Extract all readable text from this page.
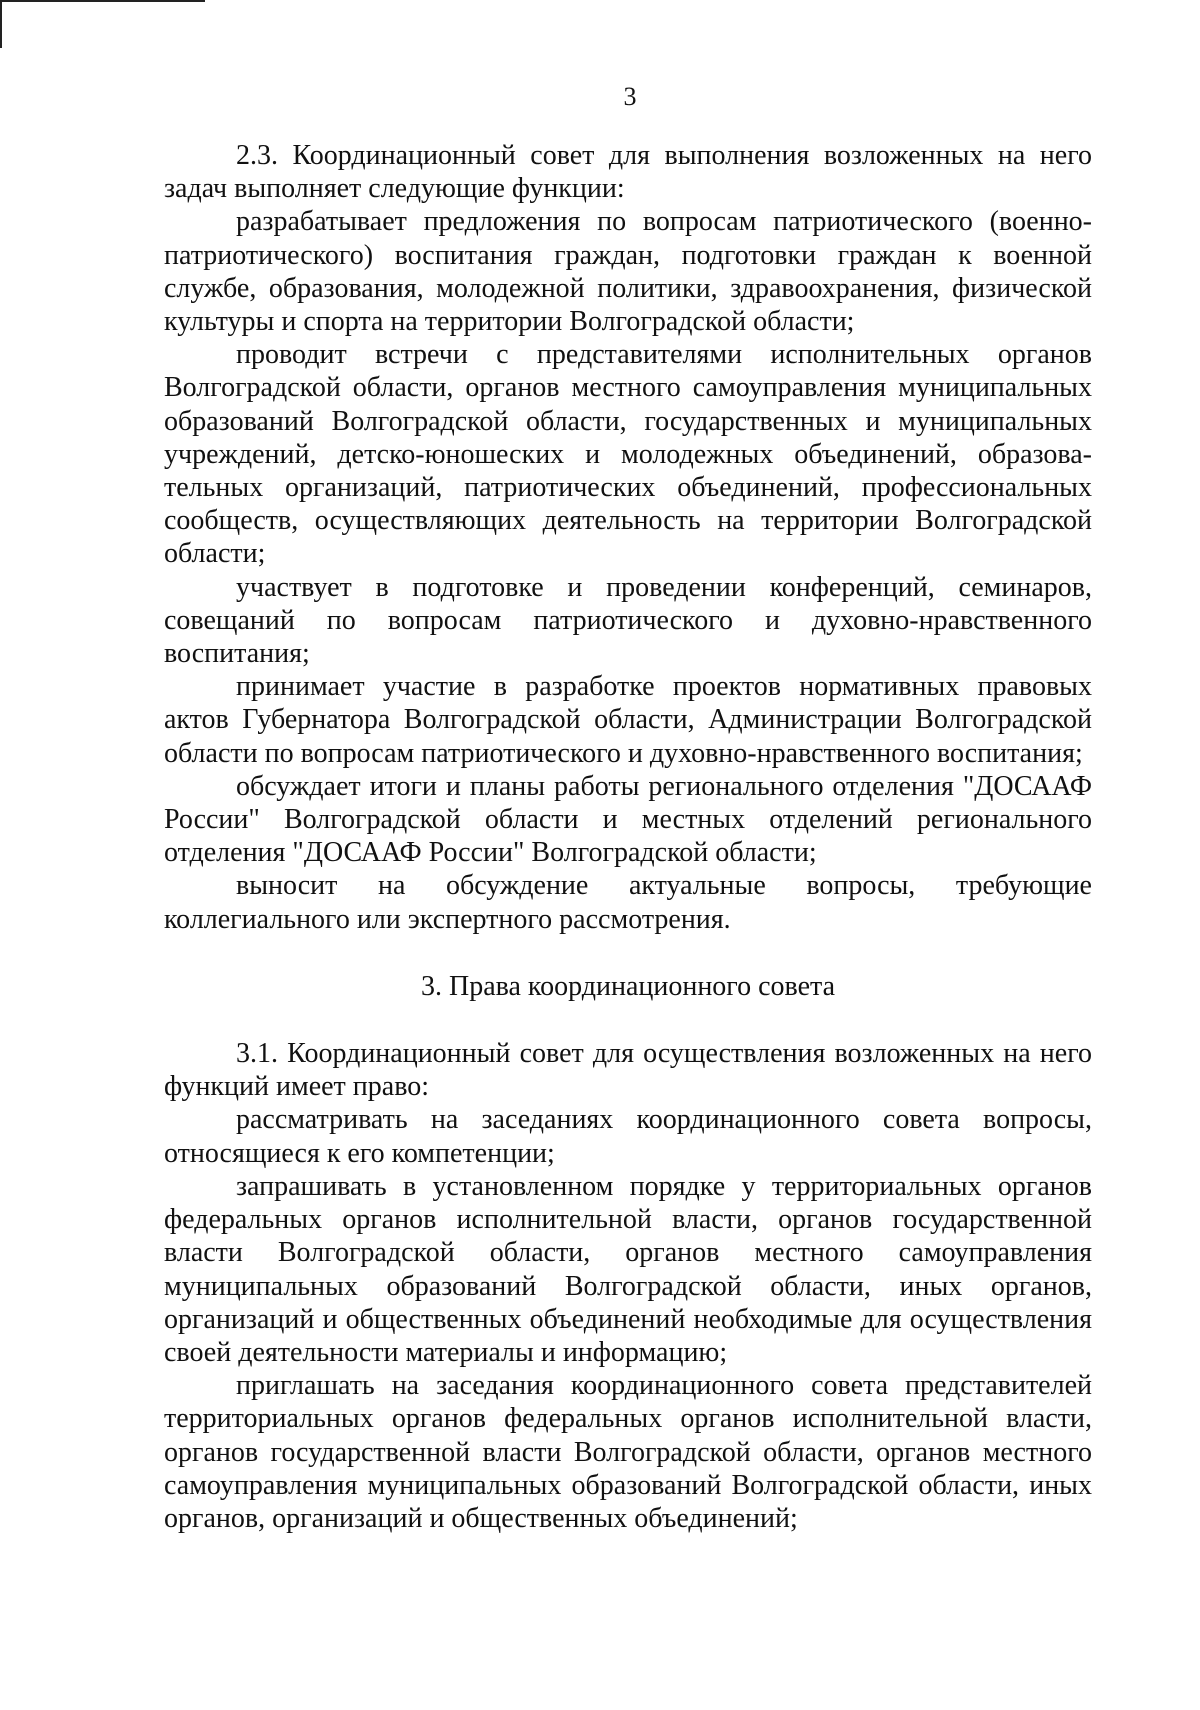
3

2.3. Координационный совет для выполнения возложенных на него задач выполняет следующие функции:

разрабатывает предложения по вопросам патриотического (военно-патриотического) воспитания граждан, подготовки граждан к военной службе, образования, молодежной политики, здравоохранения, физической культуры и спорта на территории Волгоградской области;

проводит встречи с представителями исполнительных органов Волгоградской области, органов местного самоуправления муниципальных образований Волгоградской области, государственных и муниципальных учреждений, детско-юношеских и молодежных объединений, образова-тельных организаций, патриотических объединений, профессиональных сообществ, осуществляющих деятельность на территории Волгоградской области;

участвует в подготовке и проведении конференций, семинаров, совещаний по вопросам патриотического и духовно-нравственного воспитания;

принимает участие в разработке проектов нормативных правовых актов Губернатора Волгоградской области, Администрации Волгоградской области по вопросам патриотического и духовно-нравственного воспитания;

обсуждает итоги и планы работы регионального отделения "ДОСААФ России" Волгоградской области и местных отделений регионального отделения "ДОСААФ России" Волгоградской области;

выносит на обсуждение актуальные вопросы, требующие коллегиального или экспертного рассмотрения.

3. Права координационного совета

3.1. Координационный совет для осуществления возложенных на него функций имеет право:

рассматривать на заседаниях координационного совета вопросы, относящиеся к его компетенции;

запрашивать в установленном порядке у территориальных органов федеральных органов исполнительной власти, органов государственной власти Волгоградской области, органов местного самоуправления муниципальных образований Волгоградской области, иных органов, организаций и общественных объединений необходимые для осуществления своей деятельности материалы и информацию;

приглашать на заседания координационного совета представителей территориальных органов федеральных органов исполнительной власти, органов государственной власти Волгоградской области, органов местного самоуправления муниципальных образований Волгоградской области, иных органов, организаций и общественных объединений;
